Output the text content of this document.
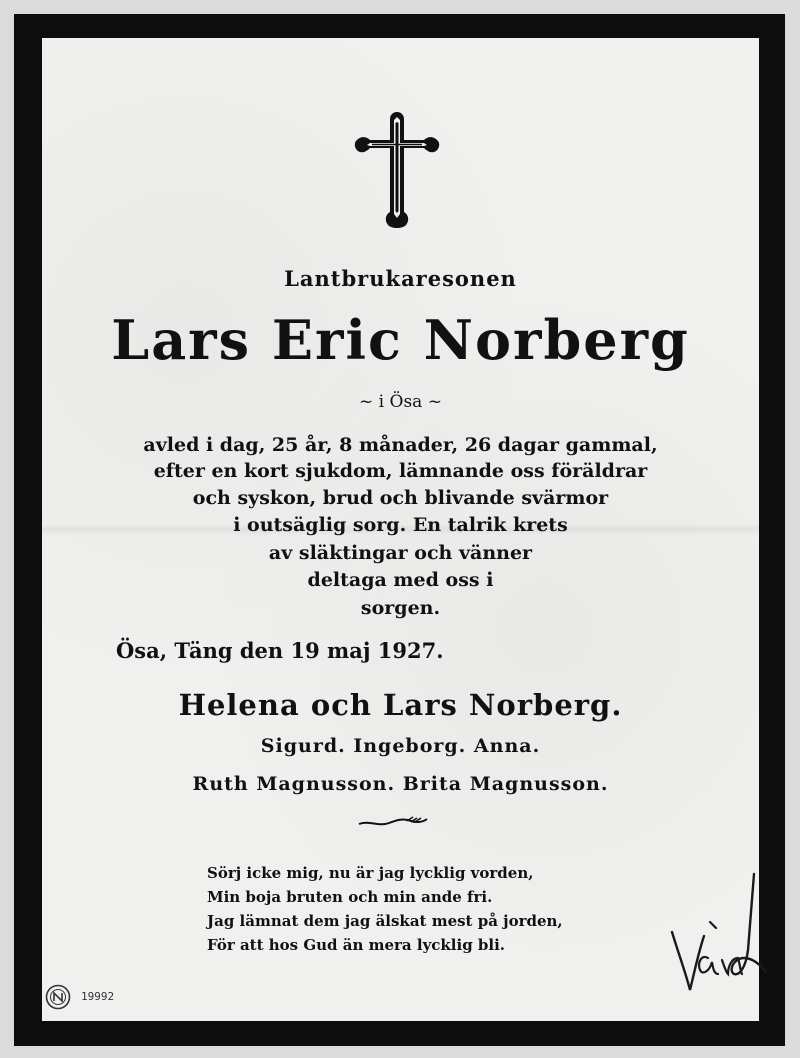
Lantbrukaresonen
Lars Eric Norberg
~ i Ösa ~
avled i dag, 25 år, 8 månader, 26 dagar gammal,
efter en kort sjukdom, lämnande oss föräldrar
och syskon, brud och blivande svärmor
i outsäglig sorg. En talrik krets
av släktingar och vänner
deltaga med oss i
sorgen.
Ösa, Täng den 19 maj 1927.
Helena och Lars Norberg.
Sigurd. Ingeborg. Anna.
Ruth Magnusson. Brita Magnusson.
Sörj icke mig, nu är jag lycklig vorden,
Min boja bruten och min ande fri.
Jag lämnat dem jag älskat mest på jorden,
För att hos Gud än mera lycklig bli.
19992
